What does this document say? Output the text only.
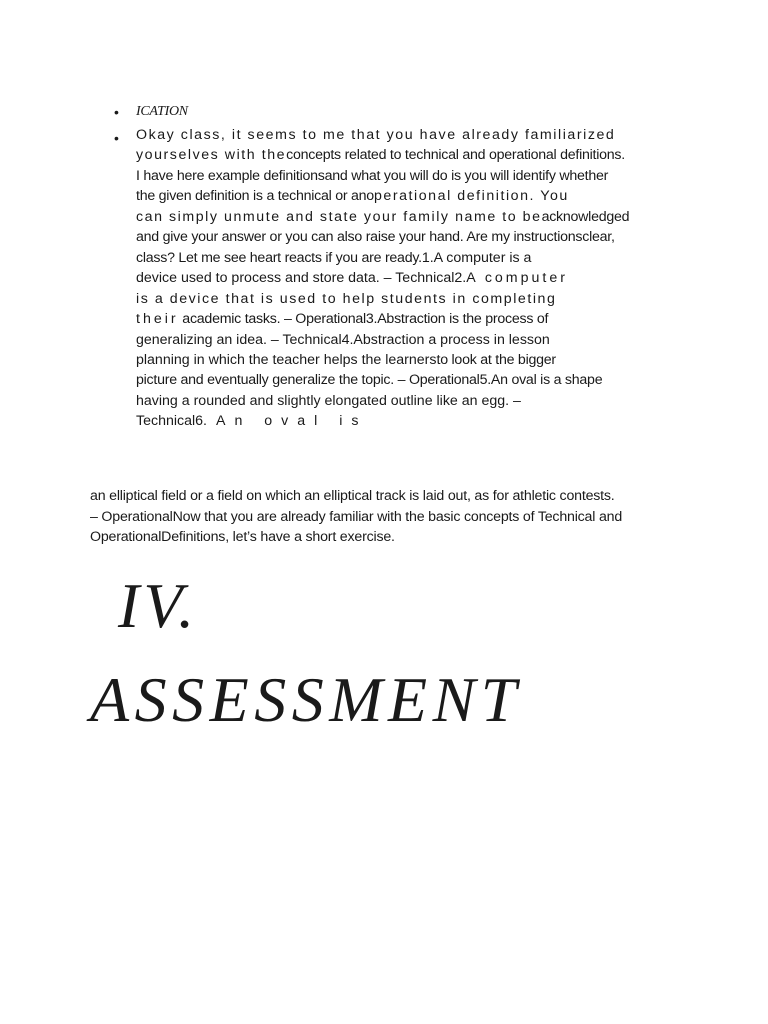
• ICATION
• Okay class, it seems to me that you have already familiarized
yourselves with theconcepts related to technical and operational definitions.
I have here example definitionsand what you will do is you will identify whether
the given definition is a technical or anoperational definition. You
can simply unmute and state your family name to beacknowledged
and give your answer or you can also raise your hand. Are my instructionsclear,
class? Let me see heart reacts if you are ready.1.A computer is a
device used to process and store data. – Technical2.A computer
is a device that is used to help students in completing
their academic tasks. – Operational3.Abstraction is the process of
generalizing an idea. – Technical4.Abstraction a process in lesson
planning in which the teacher helps the learnersto look at the bigger
picture and eventually generalize the topic. – Operational5.An oval is a shape
having a rounded and slightly elongated outline like an egg. –
Technical6.An oval is
an elliptical field or a field on which an elliptical track is laid out, as for athletic contests.
– OperationalNow that you are already familiar with the basic concepts of Technical and
OperationalDefinitions, let’s have a short exercise.
IV.
ASSESSMENT
